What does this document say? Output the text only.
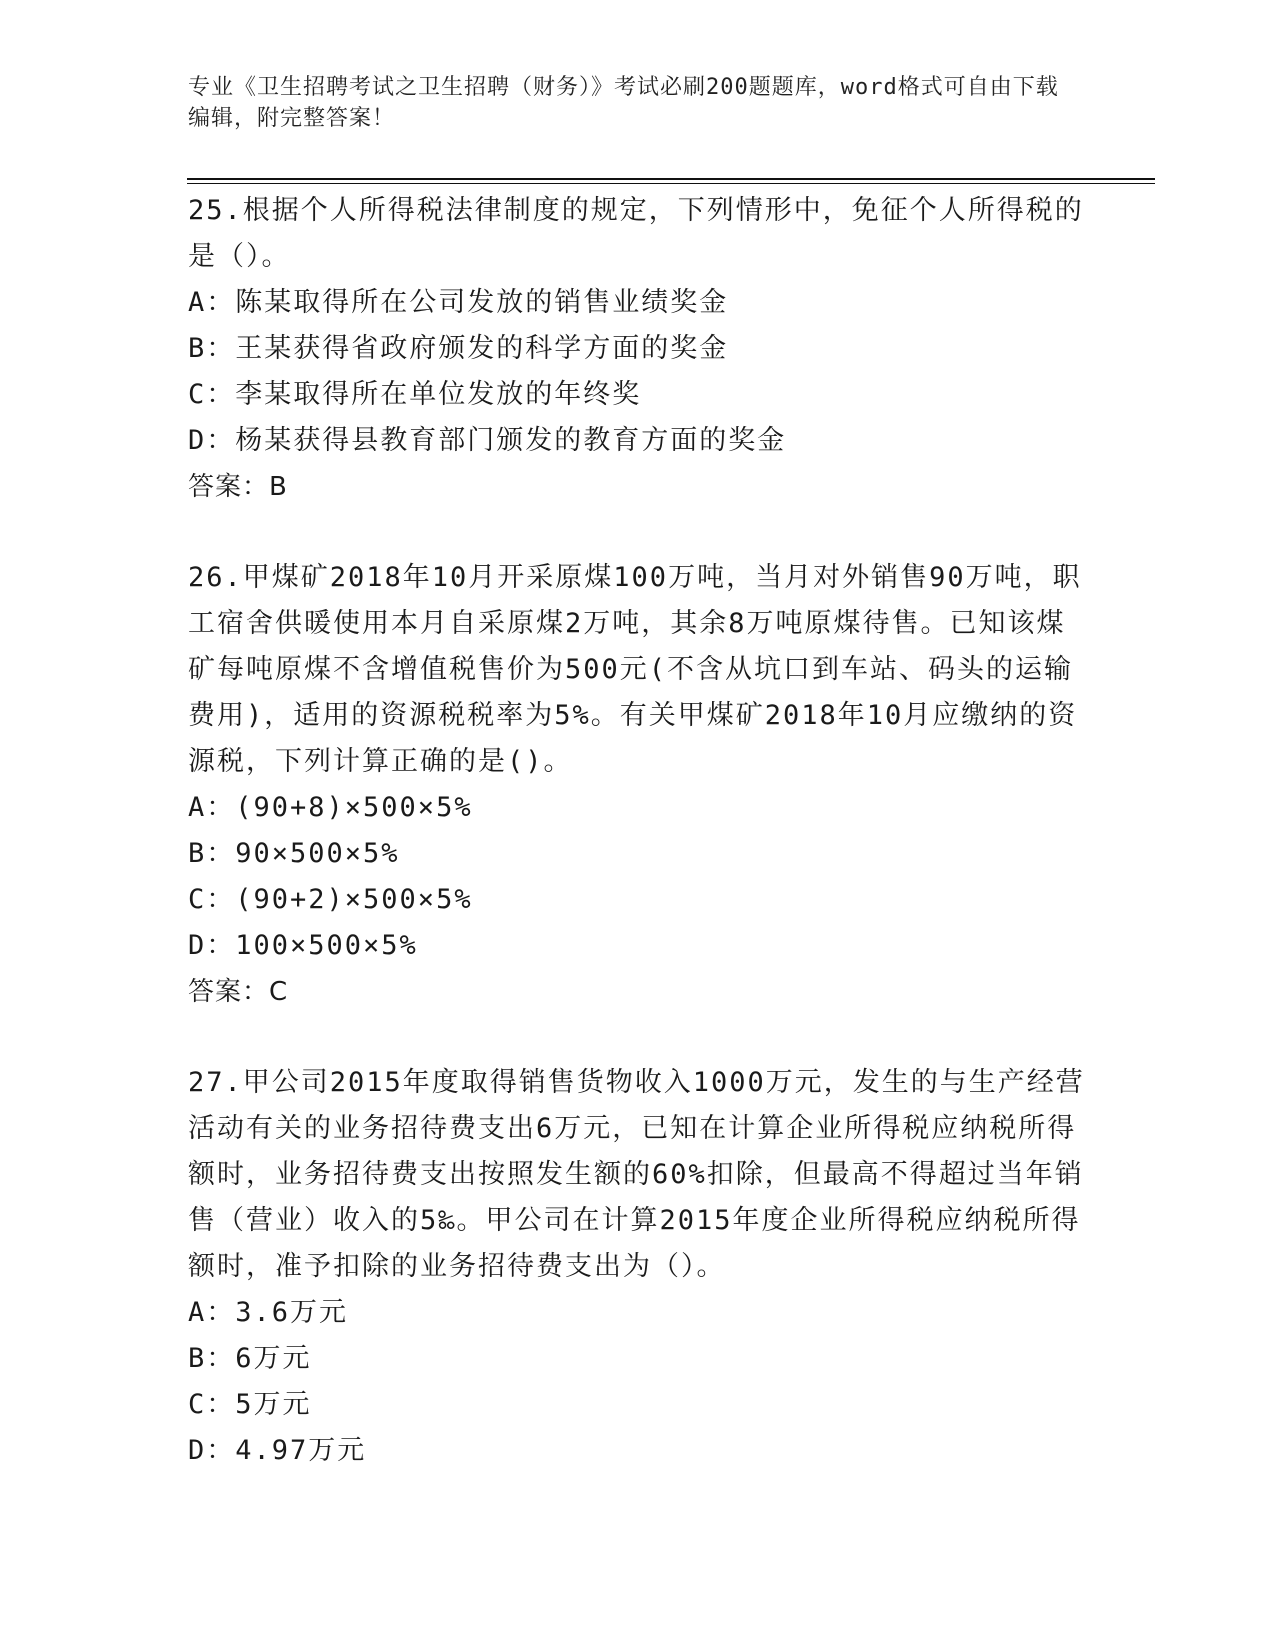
专业《卫生招聘考试之卫生招聘（财务）》考试必刷200题题库，word格式可自由下载编辑，附完整答案！

25.根据个人所得税法律制度的规定，下列情形中，免征个人所得税的是（）。

A：陈某取得所在公司发放的销售业绩奖金

B：王某获得省政府颁发的科学方面的奖金

C：李某取得所在单位发放的年终奖

D：杨某获得县教育部门颁发的教育方面的奖金

答案：B

26.甲煤矿2018年10月开采原煤100万吨，当月对外销售90万吨，职工宿舍供暖使用本月自采原煤2万吨，其余8万吨原煤待售。已知该煤矿每吨原煤不含增值税售价为500元(不含从坑口到车站、码头的运输费用)，适用的资源税税率为5%。有关甲煤矿2018年10月应缴纳的资源税，下列计算正确的是()。

A：(90+8)×500×5%

B：90×500×5%

C：(90+2)×500×5%

D：100×500×5%

答案：C

27.甲公司2015年度取得销售货物收入1000万元，发生的与生产经营活动有关的业务招待费支出6万元，已知在计算企业所得税应纳税所得额时，业务招待费支出按照发生额的60%扣除，但最高不得超过当年销售（营业）收入的5‰。甲公司在计算2015年度企业所得税应纳税所得额时，准予扣除的业务招待费支出为（）。

A：3.6万元

B：6万元

C：5万元

D：4.97万元
